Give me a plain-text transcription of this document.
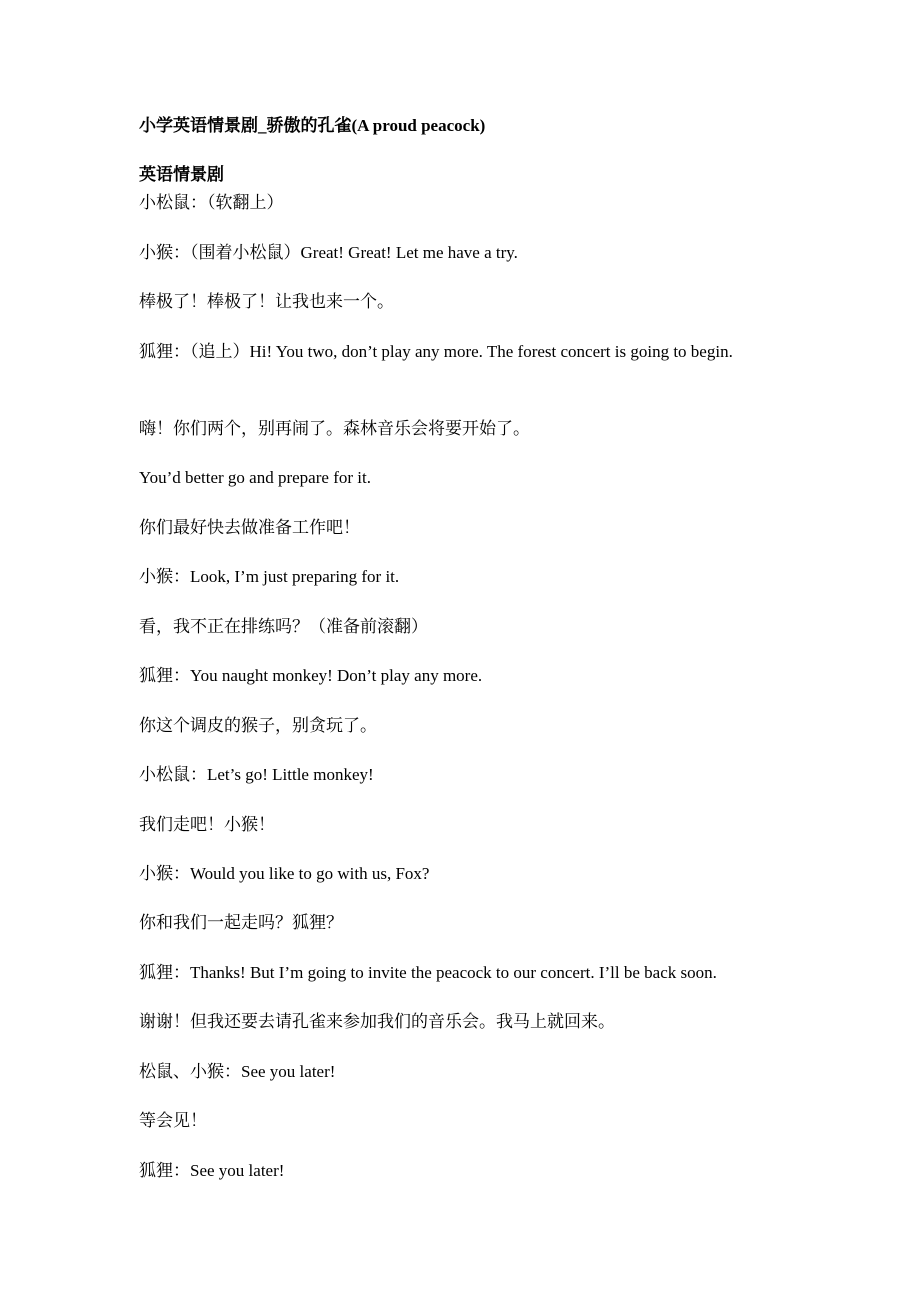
小学英语情景剧_骄傲的孔雀(A proud peacock)
英语情景剧
小松鼠：（软翻上）
小猴：（围着小松鼠）Great! Great! Let me have a try.
棒极了！棒极了！让我也来一个。
狐狸：（追上）Hi! You two, don’t play any more. The forest concert is going to begin.
嗨！你们两个，别再闹了。森林音乐会将要开始了。
You’d better go and prepare for it.
你们最好快去做准备工作吧！
小猴：Look, I’m just preparing for it.
看，我不正在排练吗？（准备前滚翻）
狐狸：You naught monkey! Don’t play any more.
你这个调皮的猴子，别贪玩了。
小松鼠：Let’s go! Little monkey!
我们走吧！小猴！
小猴：Would you like to go with us, Fox?
你和我们一起走吗？狐狸？
狐狸：Thanks! But I’m going to invite the peacock to our concert. I’ll be back soon.
谢谢！但我还要去请孔雀来参加我们的音乐会。我马上就回来。
松鼠、小猴：See you later!
等会见！
狐狸：See you later!
